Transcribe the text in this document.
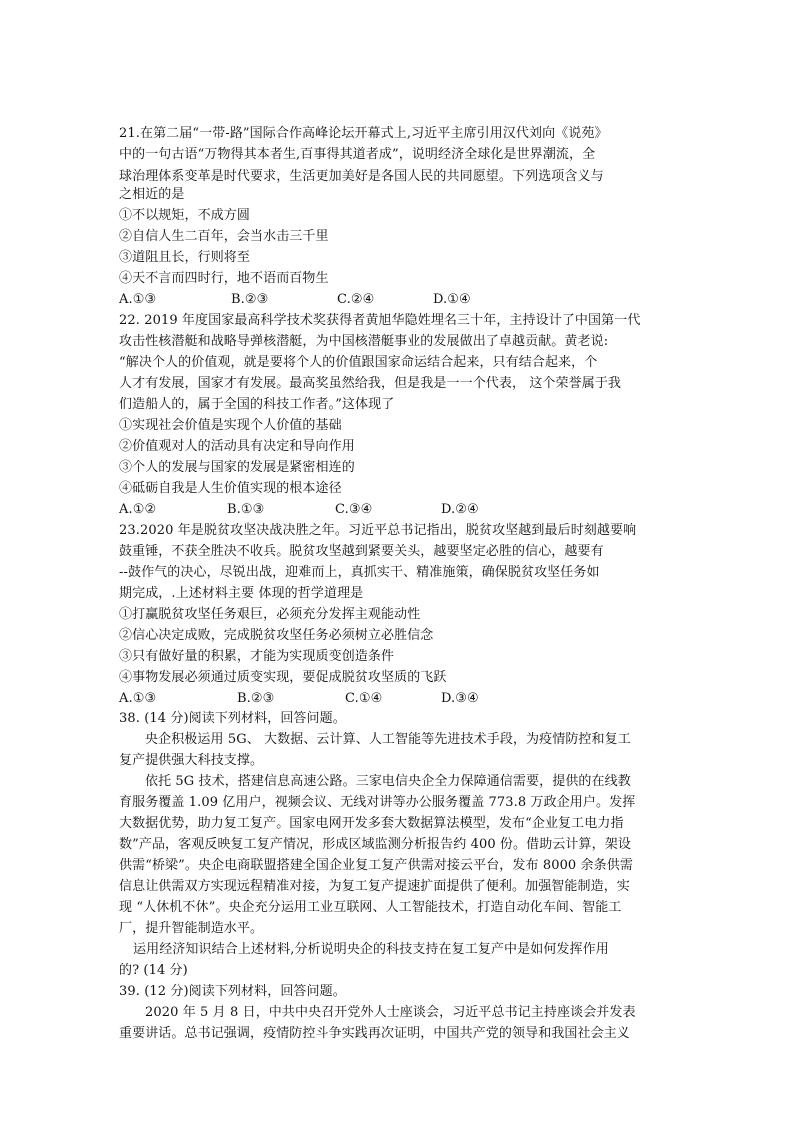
21.在第二届“一带-路”国际合作高峰论坛开幕式上,习近平主席引用汉代刘向《说苑》
中的一句古语“万物得其本者生,百事得其道者成”，说明经济全球化是世界潮流，全
球治理体系变革是时代要求，生活更加美好是各国人民的共同愿望。下列选项含义与
之相近的是
①不以规矩，不成方圆
②自信人生二百年，会当水击三千里
③道阻且长，行则将至
④天不言而四时行，地不语而百物生
A.①③	B.②③	C.②④	D.①④
22. 2019 年度国家最高科学技术奖获得者黄旭华隐姓埋名三十年，主持设计了中国第一代
攻击性核潜艇和战略导弹核潜艇，为中国核潜艇事业的发展做出了卓越贡献。黄老说:
“解决个人的价值观，就是要将个人的价值跟国家命运结合起来，只有结合起来，个
人才有发展，国家才有发展。最高奖虽然给我，但是我是一一个代表， 这个荣誉属于我
们造船人的，属于全国的科技工作者。”这体现了
①实现社会价值是实现个人价值的基础
②价值观对人的活动具有决定和导向作用
③个人的发展与国家的发展是紧密相连的
④砥砺自我是人生价值实现的根本途径
A.①②	B.①③	C.③④	D.②④
23.2020 年是脱贫攻坚决战决胜之年。习近平总书记指出，脱贫攻坚越到最后时刻越要响
鼓重锤，不获全胜决不收兵。脱贫攻坚越到紧要关头，越要坚定必胜的信心，越要有
--鼓作气的决心，尽锐出战，迎难而上，真抓实干、精准施策，确保脱贫攻坚任务如
期完成，.上述材料主要 体现的哲学道理是
①打赢脱贫攻坚任务艰巨，必须充分发挥主观能动性
②信心决定成败，完成脱贫攻坚任务必须树立必胜信念
③只有做好量的积累，才能为实现质变创造条件
④事物发展必须通过质变实现，要促成脱贫攻坚质的飞跃
A.①③	B.②③	C.①④	D.③④
38. (14 分)阅读下列材料，回答问题。
央企积极运用 5G、 大数据、云计算、人工智能等先进技术手段，为疫情防控和复工
复产提供强大科技支撑。
依托 5G 技术，搭建信息高速公路。三家电信央企全力保障通信需要，提供的在线教
育服务覆盖 1.09 亿用户，视频会议、无线对讲等办公服务覆盖 773.8 万政企用户。发挥
大数据优势，助力复工复产。国家电网开发多套大数据算法模型，发布“企业复工电力指
数”产品，客观反映复工复产情况，形成区域监测分析报告约 400 份。借助云计算，架设
供需“桥梁”。央企电商联盟搭建全国企业复工复产供需对接云平台，发布 8000 余条供需
信息让供需双方实现远程精准对接，为复工复产提速扩面提供了便利。加强智能制造，实
现 “人休机不休”。央企充分运用工业互联网、人工智能技术，打造自动化车间、智能工
厂，提升智能制造水平。
运用经济知识结合上述材料,分析说明央企的科技支持在复工复产中是如何发挥作用
的? (14 分)
39. (12 分)阅读下列材料，回答问题。
2020 年 5 月 8 日，中共中央召开党外人士座谈会，习近平总书记主持座谈会并发表
重要讲话。总书记强调，疫情防控斗争实践再次证明，中国共产党的领导和我国社会主义
